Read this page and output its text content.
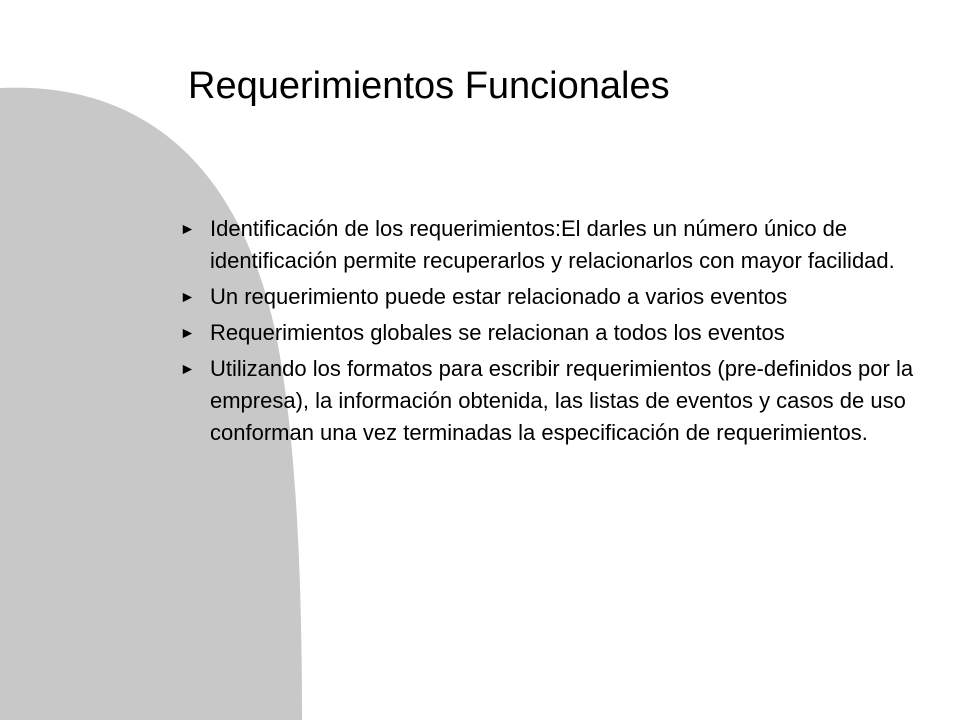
Requerimientos Funcionales
Identificación de los requerimientos:El darles un número único de identificación permite recuperarlos y relacionarlos con mayor facilidad.
Un requerimiento puede estar relacionado a varios eventos
Requerimientos globales se relacionan a todos los eventos
Utilizando los formatos para escribir requerimientos (pre-definidos por la empresa), la información obtenida, las listas de eventos y casos de uso conforman una vez terminadas la especificación de requerimientos.
